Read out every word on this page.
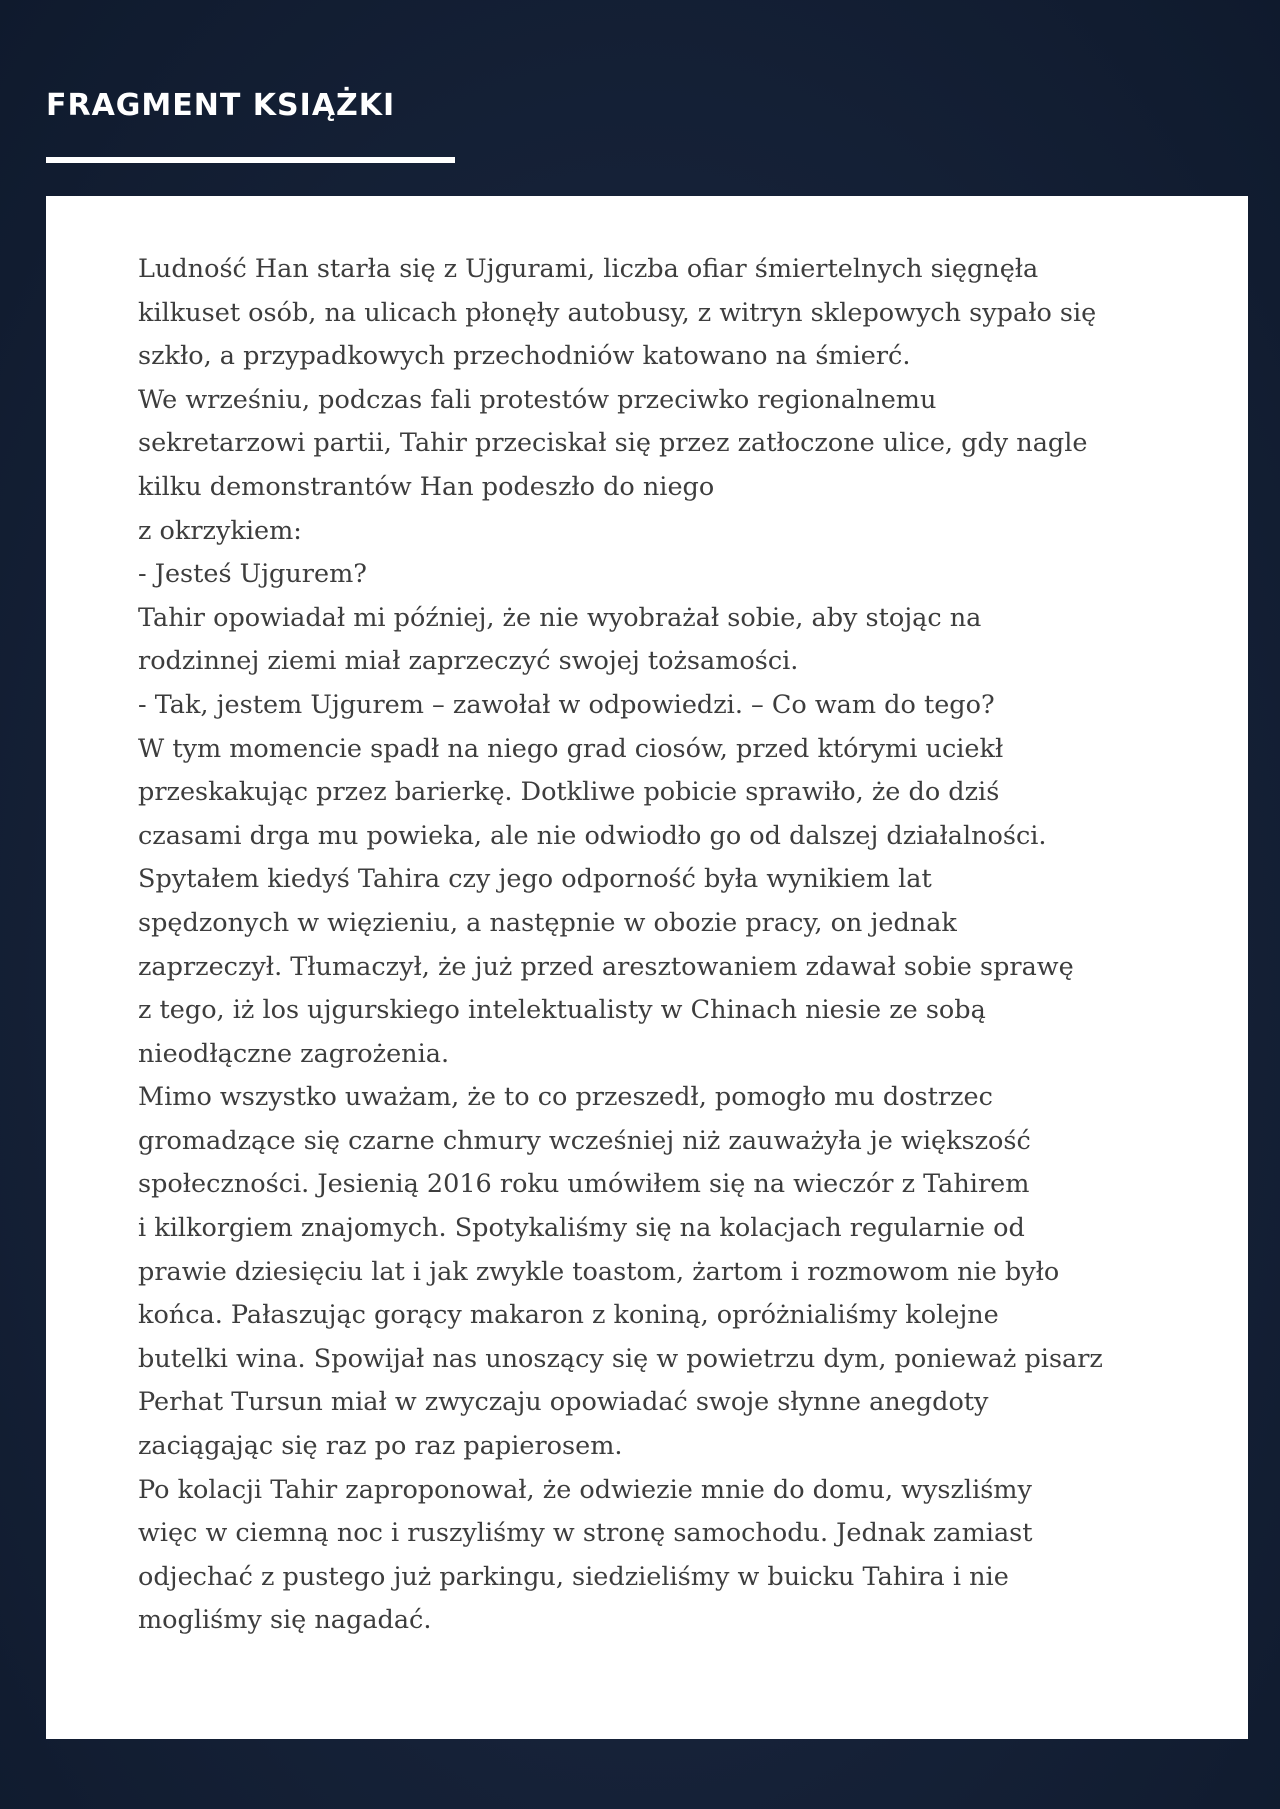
FRAGMENT KSIĄŻKI
Ludność Han starła się z Ujgurami, liczba ofiar śmiertelnych sięgnęła
kilkuset osób, na ulicach płonęły autobusy, z witryn sklepowych sypało się
szkło, a przypadkowych przechodniów katowano na śmierć.
We wrześniu, podczas fali protestów przeciwko regionalnemu
sekretarzowi partii, Tahir przeciskał się przez zatłoczone ulice, gdy nagle
kilku demonstrantów Han podeszło do niego
z okrzykiem:
- Jesteś Ujgurem?
Tahir opowiadał mi później, że nie wyobrażał sobie, aby stojąc na
rodzinnej ziemi miał zaprzeczyć swojej tożsamości.
- Tak, jestem Ujgurem – zawołał w odpowiedzi. – Co wam do tego?
W tym momencie spadł na niego grad ciosów, przed którymi uciekł
przeskakując przez barierkę. Dotkliwe pobicie sprawiło, że do dziś
czasami drga mu powieka, ale nie odwiodło go od dalszej działalności.
Spytałem kiedyś Tahira czy jego odporność była wynikiem lat
spędzonych w więzieniu, a następnie w obozie pracy, on jednak
zaprzeczył. Tłumaczył, że już przed aresztowaniem zdawał sobie sprawę
z tego, iż los ujgurskiego intelektualisty w Chinach niesie ze sobą
nieodłączne zagrożenia.
Mimo wszystko uważam, że to co przeszedł, pomogło mu dostrzec
gromadzące się czarne chmury wcześniej niż zauważyła je większość
społeczności. Jesienią 2016 roku umówiłem się na wieczór z Tahirem
i kilkorgiem znajomych. Spotykaliśmy się na kolacjach regularnie od
prawie dziesięciu lat i jak zwykle toastom, żartom i rozmowom nie było
końca. Pałaszując gorący makaron z koniną, opróżnialiśmy kolejne
butelki wina. Spowijał nas unoszący się w powietrzu dym, ponieważ pisarz
Perhat Tursun miał w zwyczaju opowiadać swoje słynne anegdoty
zaciągając się raz po raz papierosem.
Po kolacji Tahir zaproponował, że odwiezie mnie do domu, wyszliśmy
więc w ciemną noc i ruszyliśmy w stronę samochodu. Jednak zamiast
odjechać z pustego już parkingu, siedzieliśmy w buicku Tahira i nie
mogliśmy się nagadać.
